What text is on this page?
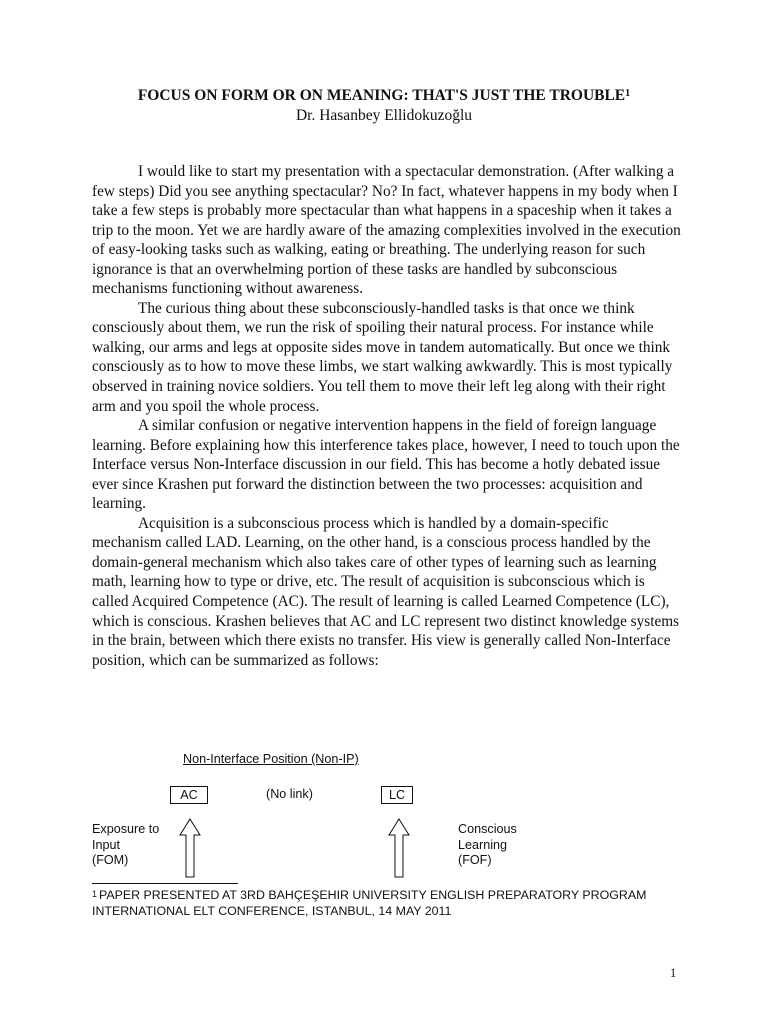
FOCUS ON FORM OR ON MEANING: THAT'S JUST THE TROUBLE$^1$
Dr. Hasanbey Ellidokuzoğlu

I would like to start my presentation with a spectacular demonstration. (After walking a few steps) Did you see anything spectacular? No? In fact, whatever happens in my body when I take a few steps is probably more spectacular than what happens in a spaceship when it takes a trip to the moon. Yet we are hardly aware of the amazing complexities involved in the execution of easy-looking tasks such as walking, eating or breathing. The underlying reason for such ignorance is that an overwhelming portion of these tasks are handled by subconscious mechanisms functioning without awareness.

The curious thing about these subconsciously-handled tasks is that once we think consciously about them, we run the risk of spoiling their natural process. For instance while walking, our arms and legs at opposite sides move in tandem automatically. But once we think consciously as to how to move these limbs, we start walking awkwardly. This is most typically observed in training novice soldiers. You tell them to move their left leg along with their right arm and you spoil the whole process.

A similar confusion or negative intervention happens in the field of foreign language learning. Before explaining how this interference takes place, however, I need to touch upon the Interface versus Non-Interface discussion in our field. This has become a hotly debated issue ever since Krashen put forward the distinction between the two processes: acquisition and learning.

Acquisition is a subconscious process which is handled by a domain-specific mechanism called LAD. Learning, on the other hand, is a conscious process handled by the domain-general mechanism which also takes care of other types of learning such as learning math, learning how to type or drive, etc. The result of acquisition is subconscious which is called Acquired Competence (AC). The result of learning is called Learned Competence (LC), which is conscious. Krashen believes that AC and LC represent two distinct knowledge systems in the brain, between which there exists no transfer. His view is generally called Non-Interface position, which can be summarized as follows:

Non-Interface Position (Non-IP)
AC	(No link)	LC
Exposure to
Input
(FOM)
Conscious
Learning
(FOF)
$^1$ PAPER PRESENTED AT 3RD BAHÇEŞEHIR UNIVERSITY ENGLISH PREPARATORY PROGRAM
INTERNATIONAL ELT CONFERENCE, ISTANBUL, 14 MAY 2011
1
